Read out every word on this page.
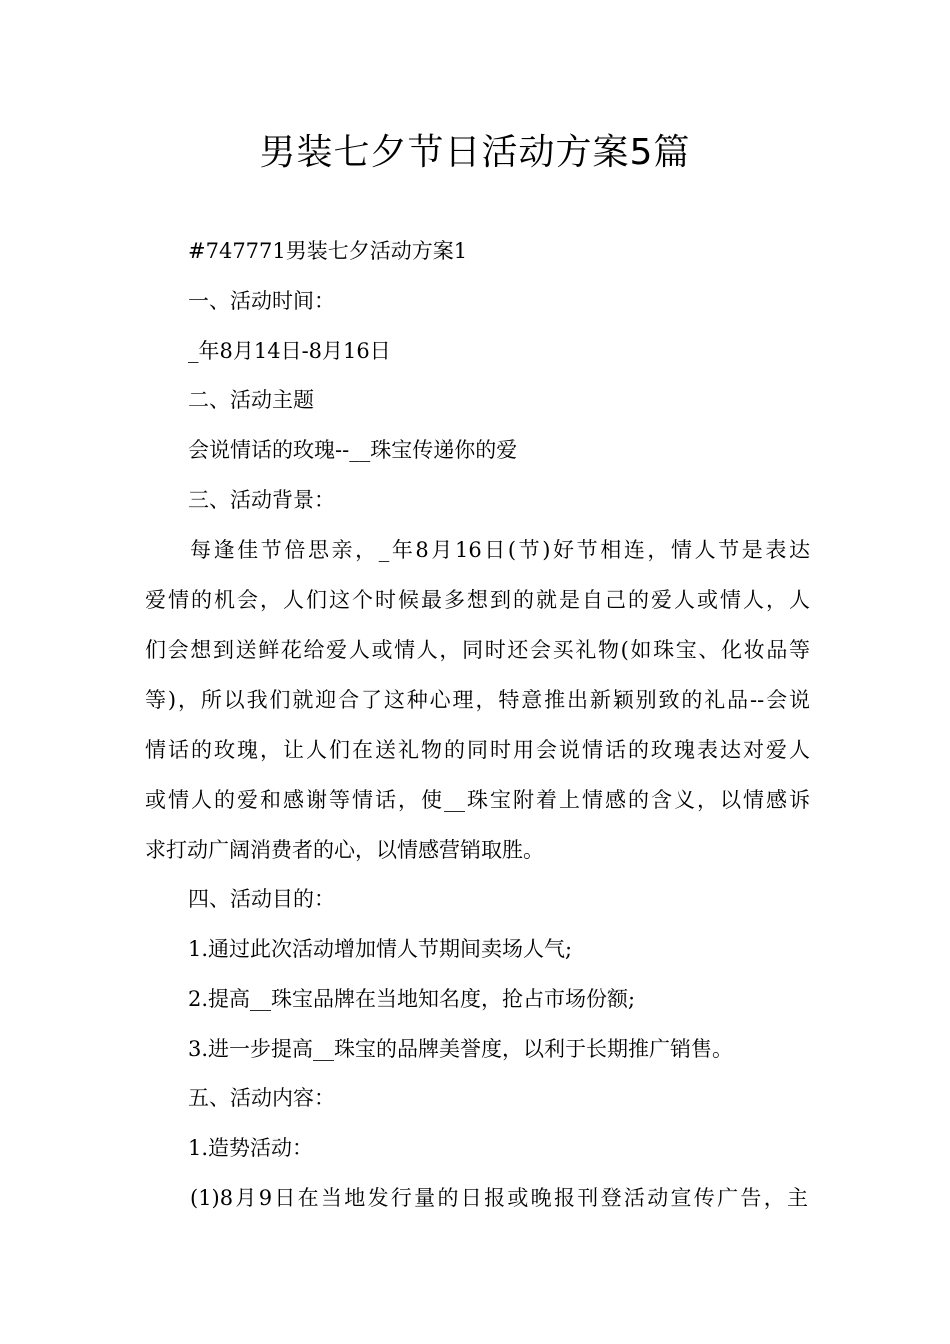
男装七夕节日活动方案5篇

#747771男装七夕活动方案1

一、活动时间：

_年8月14日-8月16日

二、活动主题

会说情话的玫瑰--__珠宝传递你的爱

三、活动背景：

每逢佳节倍思亲，_年8月16日(节)好节相连，情人节是表达
爱情的机会，人们这个时候最多想到的就是自己的爱人或情人，人
们会想到送鲜花给爱人或情人，同时还会买礼物(如珠宝、化妆品等
等)，所以我们就迎合了这种心理，特意推出新颖别致的礼品--会说
情话的玫瑰，让人们在送礼物的同时用会说情话的玫瑰表达对爱人
或情人的爱和感谢等情话，使__珠宝附着上情感的含义，以情感诉
求打动广阔消费者的心，以情感营销取胜。

四、活动目的：

1.通过此次活动增加情人节期间卖场人气;

2.提高__珠宝品牌在当地知名度，抢占市场份额;

3.进一步提高__珠宝的品牌美誉度，以利于长期推广销售。

五、活动内容：

1.造势活动：

(1)8月9日在当地发行量的日报或晚报刊登活动宣传广告，主
